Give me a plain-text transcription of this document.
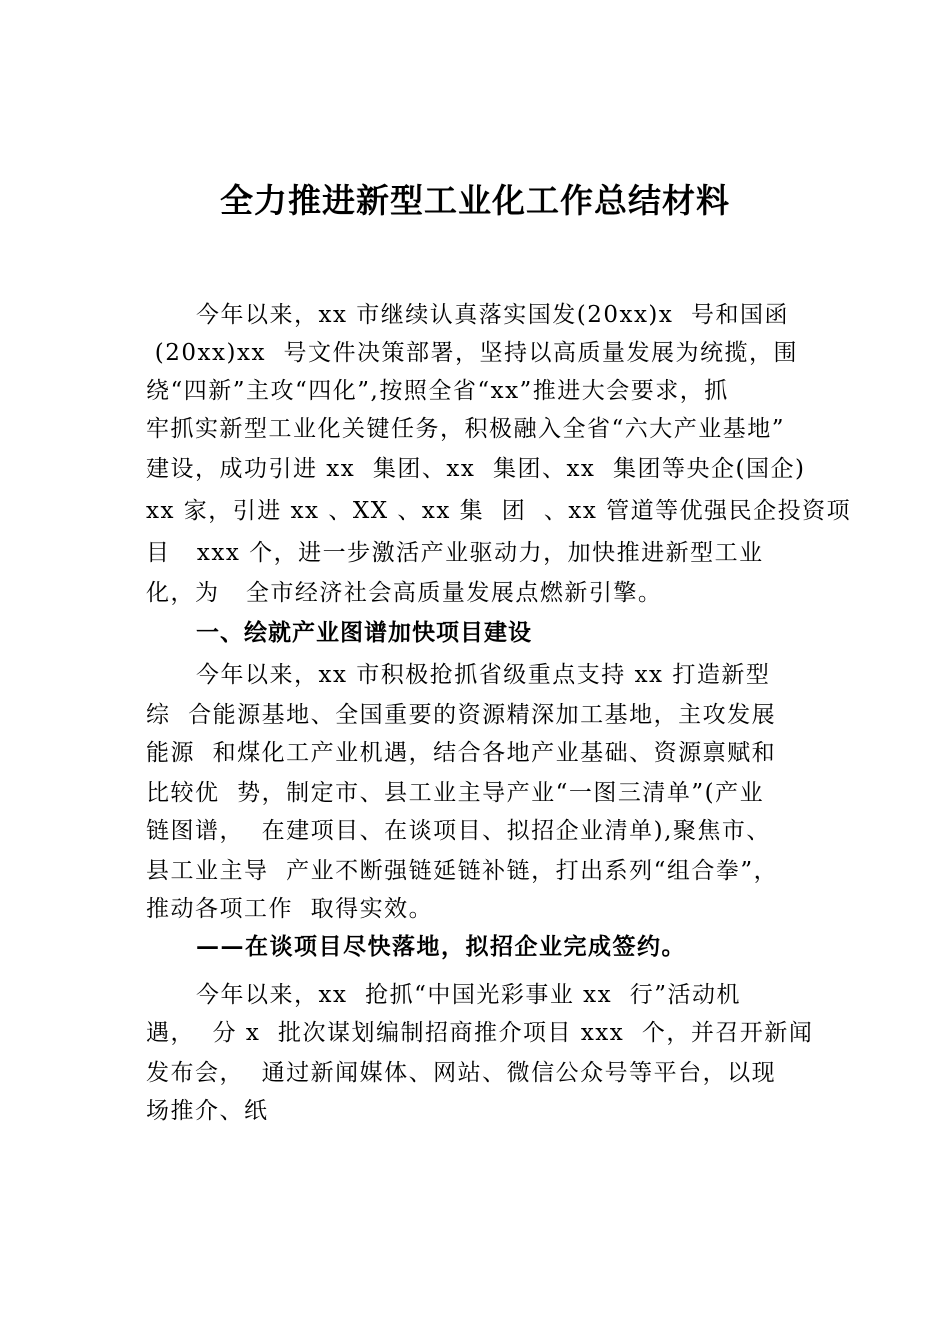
全力推进新型工业化工作总结材料
今年以来，xx 市继续认真落实国发(20xx)x  号和国函
(20xx)xx  号文件决策部署，坚持以高质量发展为统揽，围
绕“四新”主攻“四化”,按照全省“xx”推进大会要求，抓
牢抓实新型工业化关键任务，积极融入全省“六大产业基地”
建设，成功引进 xx  集团、xx  集团、xx  集团等央企(国企)
xx 家，引进 xx 、XX 、xx 集  团  、xx 管道等优强民企投资项
目   xxx 个，进一步激活产业驱动力，加快推进新型工业
化，为   全市经济社会高质量发展点燃新引擎。
一、绘就产业图谱加快项目建设
今年以来，xx 市积极抢抓省级重点支持 xx 打造新型
综  合能源基地、全国重要的资源精深加工基地，主攻发展
能源  和煤化工产业机遇，结合各地产业基础、资源禀赋和
比较优  势，制定市、县工业主导产业“一图三清单”(产业
链图谱，  在建项目、在谈项目、拟招企业清单),聚焦市、
县工业主导  产业不断强链延链补链，打出系列“组合拳”，
推动各项工作  取得实效。
——在谈项目尽快落地，拟招企业完成签约。
今年以来，xx  抢抓“中国光彩事业 xx  行”活动机
遇，  分 x  批次谋划编制招商推介项目 xxx  个，并召开新闻
发布会，  通过新闻媒体、网站、微信公众号等平台，以现
场推介、纸
